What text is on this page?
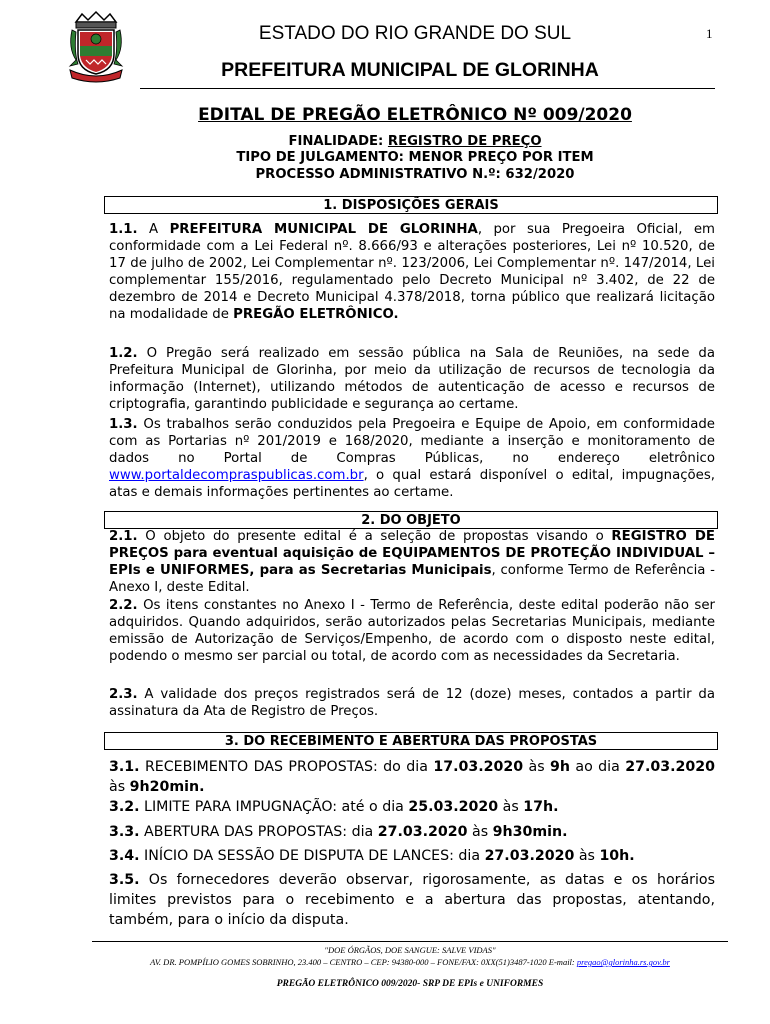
ESTADO DO RIO GRANDE DO SUL	1
PREFEITURA MUNICIPAL DE GLORINHA
EDITAL DE PREGÃO ELETRÔNICO Nº 009/2020
FINALIDADE: REGISTRO DE PREÇO
TIPO DE JULGAMENTO: MENOR PREÇO POR ITEM
PROCESSO ADMINISTRATIVO N.º: 632/2020
1. DISPOSIÇÕES GERAIS
1.1. A PREFEITURA MUNICIPAL DE GLORINHA, por sua Pregoeira Oficial, em conformidade com a Lei Federal nº. 8.666/93 e alterações posteriores, Lei nº 10.520, de 17 de julho de 2002, Lei Complementar nº. 123/2006, Lei Complementar nº. 147/2014, Lei complementar 155/2016, regulamentado pelo Decreto Municipal nº 3.402, de 22 de dezembro de 2014 e Decreto Municipal 4.378/2018, torna público que realizará licitação na modalidade de PREGÃO ELETRÔNICO.
1.2. O Pregão será realizado em sessão pública na Sala de Reuniões, na sede da Prefeitura Municipal de Glorinha, por meio da utilização de recursos de tecnologia da informação (Internet), utilizando métodos de autenticação de acesso e recursos de criptografia, garantindo publicidade e segurança ao certame.
1.3. Os trabalhos serão conduzidos pela Pregoeira e Equipe de Apoio, em conformidade com as Portarias nº 201/2019 e 168/2020, mediante a inserção e monitoramento de dados no Portal de Compras Públicas, no endereço eletrônico www.portaldecompraspublicas.com.br, o qual estará disponível o edital, impugnações, atas e demais informações pertinentes ao certame.
2. DO OBJETO
2.1. O objeto do presente edital é a seleção de propostas visando o REGISTRO DE PREÇOS para eventual aquisição de EQUIPAMENTOS DE PROTEÇÃO INDIVIDUAL – EPIs e UNIFORMES, para as Secretarias Municipais, conforme Termo de Referência - Anexo I, deste Edital.
2.2. Os itens constantes no Anexo I - Termo de Referência, deste edital poderão não ser adquiridos. Quando adquiridos, serão autorizados pelas Secretarias Municipais, mediante emissão de Autorização de Serviços/Empenho, de acordo com o disposto neste edital, podendo o mesmo ser parcial ou total, de acordo com as necessidades da Secretaria.
2.3. A validade dos preços registrados será de 12 (doze) meses, contados a partir da assinatura da Ata de Registro de Preços.
3. DO RECEBIMENTO E ABERTURA DAS PROPOSTAS
3.1. RECEBIMENTO DAS PROPOSTAS: do dia 17.03.2020 às 9h ao dia 27.03.2020 às 9h20min.
3.2. LIMITE PARA IMPUGNAÇÃO: até o dia 25.03.2020 às 17h.
3.3. ABERTURA DAS PROPOSTAS: dia 27.03.2020 às 9h30min.
3.4. INÍCIO DA SESSÃO DE DISPUTA DE LANCES: dia 27.03.2020 às 10h.
3.5. Os fornecedores deverão observar, rigorosamente, as datas e os horários limites previstos para o recebimento e a abertura das propostas, atentando, também, para o início da disputa.
"DOE ÓRGÃOS, DOE SANGUE: SALVE VIDAS"
AV. DR. POMPÍLIO GOMES SOBRINHO, 23.400 – CENTRO – CEP: 94380-000 – FONE/FAX: 0XX(51)3487-1020 E-mail: pregao@glorinha.rs.gov.br
PREGÃO ELETRÔNICO 009/2020- SRP DE EPIs e UNIFORMES
